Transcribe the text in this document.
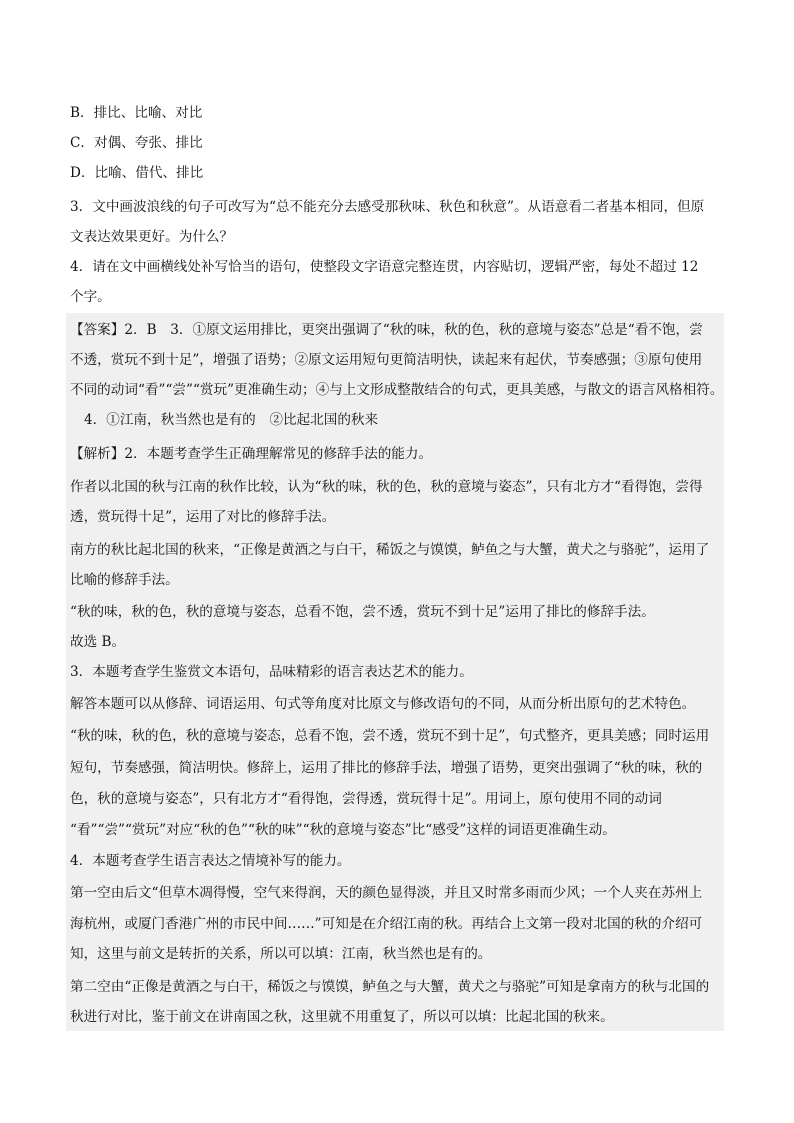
B．排比、比喻、对比
C．对偶、夸张、排比
D．比喻、借代、排比
3．文中画波浪线的句子可改写为“总不能充分去感受那秋味、秋色和秋意”。从语意看二者基本相同，但原
文表达效果更好。为什么？
4．请在文中画横线处补写恰当的语句，使整段文字语意完整连贯，内容贴切，逻辑严密，每处不超过 12
个字。
【答案】2．B　3．①原文运用排比，更突出强调了“秋的味，秋的色，秋的意境与姿态”总是“看不饱，尝
不透，赏玩不到十足”，增强了语势；②原文运用短句更简洁明快，读起来有起伏，节奏感强；③原句使用
不同的动词“看”“尝”“赏玩”更准确生动；④与上文形成整散结合的句式，更具美感，与散文的语言风格相符。
4．①江南，秋当然也是有的　②比起北国的秋来
【解析】2．本题考查学生正确理解常见的修辞手法的能力。
作者以北国的秋与江南的秋作比较，认为“秋的味，秋的色，秋的意境与姿态”，只有北方才“看得饱，尝得
透，赏玩得十足”，运用了对比的修辞手法。
南方的秋比起北国的秋来，“正像是黄酒之与白干，稀饭之与馍馍，鲈鱼之与大蟹，黄犬之与骆驼”，运用了
比喻的修辞手法。
“秋的味，秋的色，秋的意境与姿态，总看不饱，尝不透，赏玩不到十足”运用了排比的修辞手法。
故选 B。
3．本题考查学生鉴赏文本语句，品味精彩的语言表达艺术的能力。
解答本题可以从修辞、词语运用、句式等角度对比原文与修改语句的不同，从而分析出原句的艺术特色。
“秋的味，秋的色，秋的意境与姿态，总看不饱，尝不透，赏玩不到十足”，句式整齐，更具美感；同时运用
短句，节奏感强，简洁明快。修辞上，运用了排比的修辞手法，增强了语势，更突出强调了“秋的味，秋的
色，秋的意境与姿态”，只有北方才“看得饱，尝得透，赏玩得十足”。用词上，原句使用不同的动词
“看”“尝”“赏玩”对应“秋的色”“秋的味”“秋的意境与姿态”比“感受”这样的词语更准确生动。
4．本题考查学生语言表达之情境补写的能力。
第一空由后文“但草木凋得慢，空气来得润，天的颜色显得淡，并且又时常多雨而少风；一个人夹在苏州上
海杭州，或厦门香港广州的市民中间……”可知是在介绍江南的秋。再结合上文第一段对北国的秋的介绍可
知，这里与前文是转折的关系，所以可以填：江南，秋当然也是有的。
第二空由“正像是黄酒之与白干，稀饭之与馍馍，鲈鱼之与大蟹，黄犬之与骆驼”可知是拿南方的秋与北国的
秋进行对比，鉴于前文在讲南国之秋，这里就不用重复了，所以可以填：比起北国的秋来。
